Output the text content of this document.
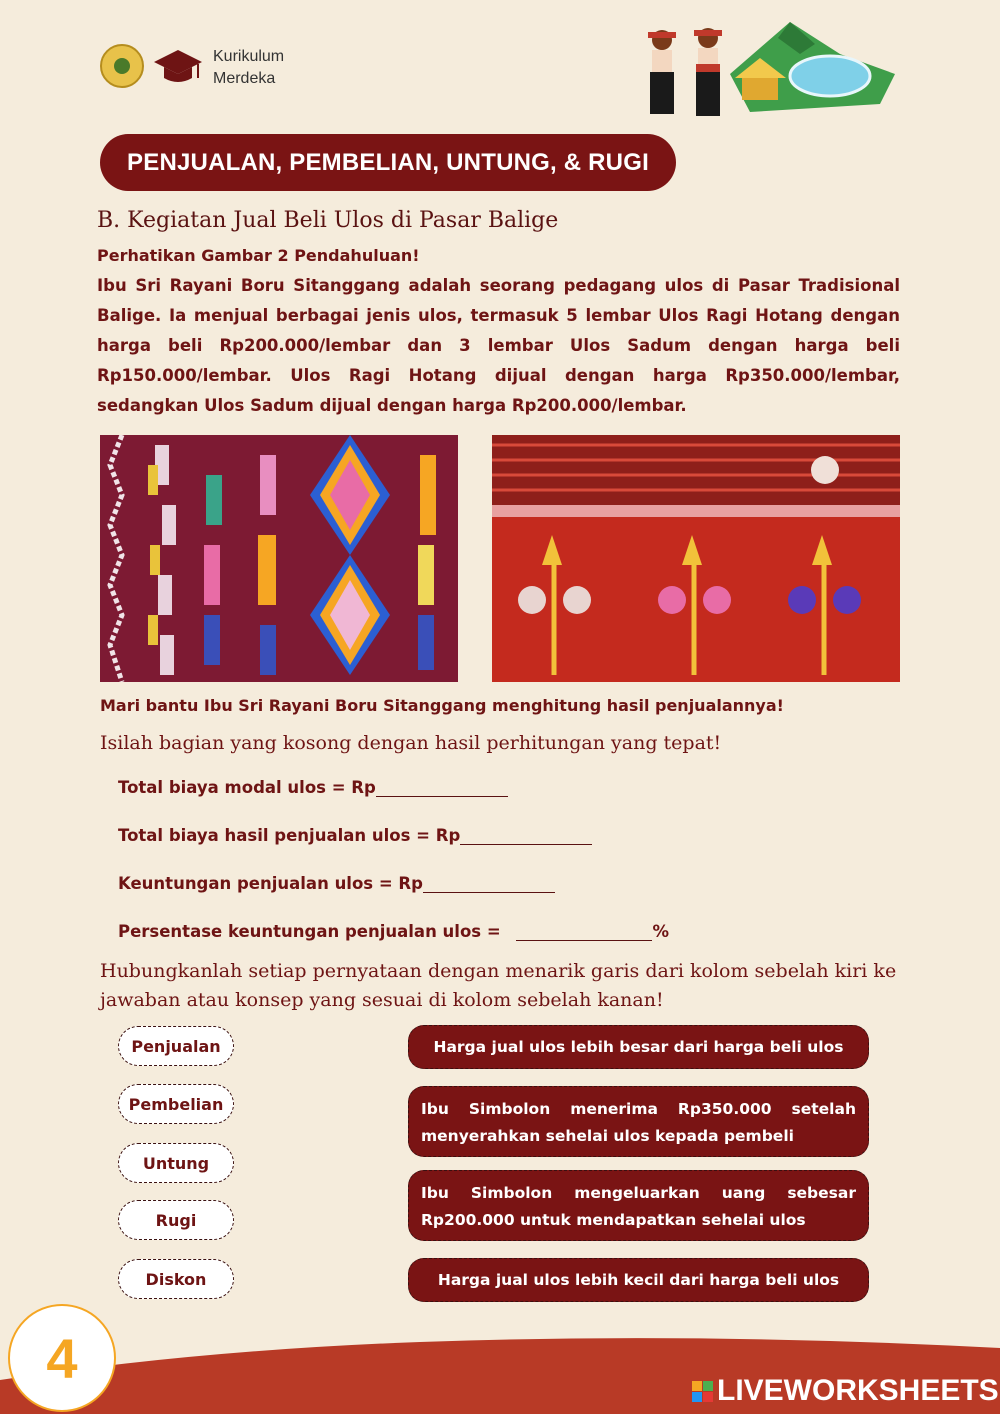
Kurikulum
Merdeka
PENJUALAN, PEMBELIAN, UNTUNG, & RUGI
B. Kegiatan Jual Beli Ulos di Pasar Balige
Perhatikan Gambar 2 Pendahuluan!
Ibu Sri Rayani Boru Sitanggang adalah seorang pedagang ulos di Pasar Tradisional Balige. Ia menjual berbagai jenis ulos, termasuk 5 lembar Ulos Ragi Hotang dengan harga beli Rp200.000/lembar dan 3 lembar Ulos Sadum dengan harga beli Rp150.000/lembar. Ulos Ragi Hotang dijual dengan harga Rp350.000/lembar, sedangkan Ulos Sadum dijual dengan harga Rp200.000/lembar.
Mari bantu Ibu Sri Rayani Boru Sitanggang menghitung hasil penjualannya!
Isilah bagian yang kosong dengan hasil perhitungan yang tepat!
Total biaya modal ulos = Rp
Total biaya hasil penjualan ulos = Rp
Keuntungan penjualan ulos = Rp
Persentase keuntungan penjualan ulos =	%
Hubungkanlah setiap pernyataan dengan menarik garis dari kolom sebelah kiri ke jawaban atau konsep yang sesuai di kolom sebelah kanan!
Penjualan
Pembelian
Untung
Rugi
Diskon
Harga jual ulos lebih besar dari harga beli ulos
Ibu Simbolon menerima Rp350.000 setelah menyerahkan sehelai ulos kepada pembeli
Ibu Simbolon mengeluarkan uang sebesar Rp200.000 untuk mendapatkan sehelai ulos
Harga jual ulos lebih kecil dari harga beli ulos
4
LIVEWORKSHEETS
